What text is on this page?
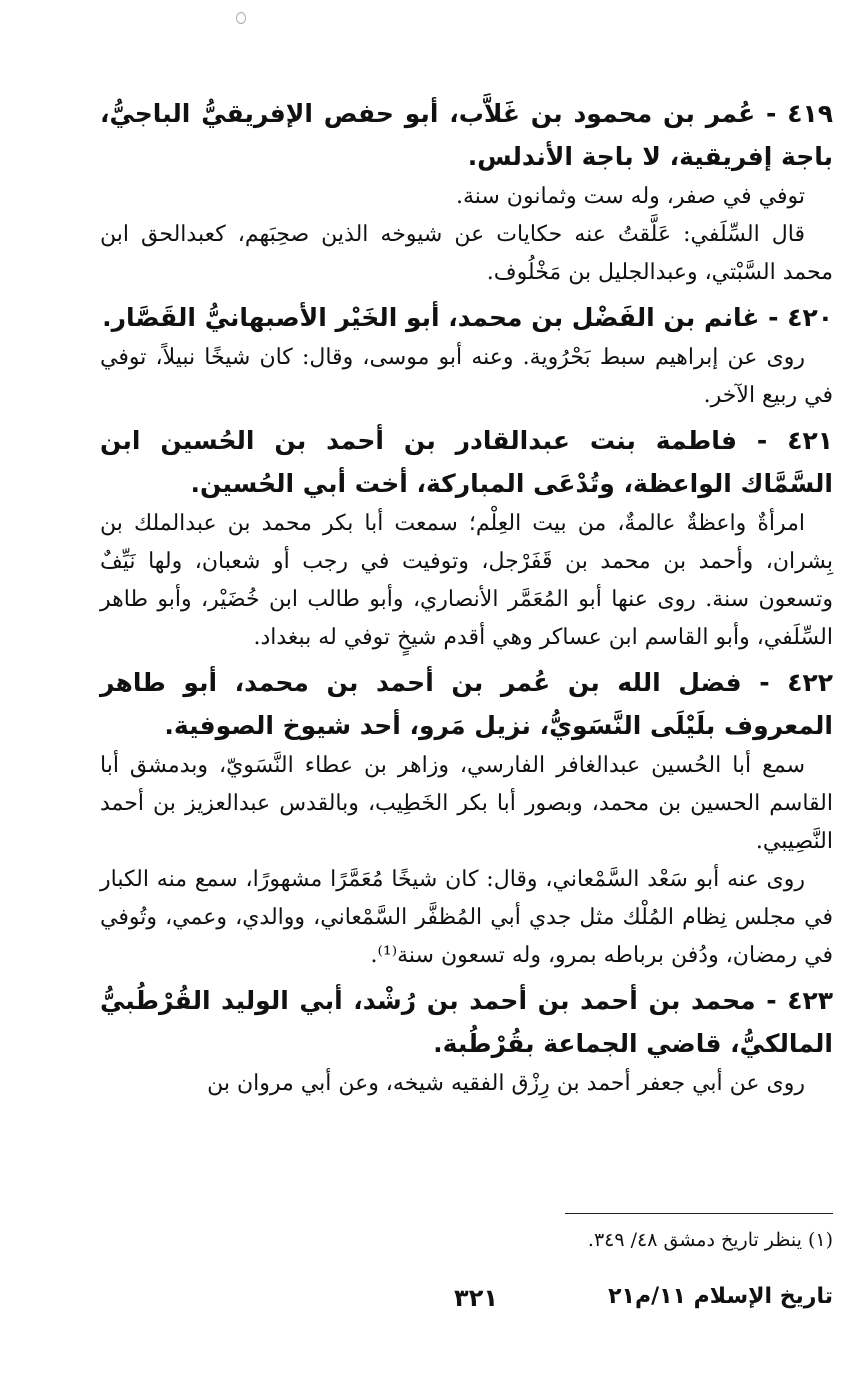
٤١٩ - عُمر بن محمود بن غَلاَّب، أبو حفص الإفريقيُّ الباجيُّ، باجة إفريقية، لا باجة الأندلس.

توفي في صفر، وله ست وثمانون سنة.
قال السِّلَفي: عَلَّقتُ عنه حكايات عن شيوخه الذين صحِبَهم، كعبدالحق ابن محمد السَّبْتي، وعبدالجليل بن مَخْلُوف.

٤٢٠ - غانم بن الفَضْل بن محمد، أبو الخَيْر الأصبهانيُّ القَصَّار.

روى عن إبراهيم سبط بَحْرُوية. وعنه أبو موسى، وقال: كان شيخًا نبيلاً، توفي في ربيع الآخر.

٤٢١ - فاطمة بنت عبدالقادر بن أحمد بن الحُسين ابن السَّمَّاك الواعظة، وتُدْعَى المباركة، أخت أبي الحُسين.

امرأةٌ واعظةٌ عالمةٌ، من بيت العِلْم؛ سمعت أبا بكر محمد بن عبدالملك بن بِشران، وأحمد بن محمد بن قَفَرْجل، وتوفيت في رجب أو شعبان، ولها نَيِّفٌ وتسعون سنة. روى عنها أبو المُعَمَّر الأنصاري، وأبو طالب ابن خُضَيْر، وأبو طاهر السِّلَفي، وأبو القاسم ابن عساكر وهي أقدم شيخٍ توفي له ببغداد.

٤٢٢ - فضل الله بن عُمر بن أحمد بن محمد، أبو طاهر المعروف بلَيْلَى النَّسَويُّ، نزيل مَرو، أحد شيوخ الصوفية.

سمع أبا الحُسين عبدالغافر الفارسي، وزاهر بن عطاء النَّسَويّ، وبدمشق أبا القاسم الحسين بن محمد، وبصور أبا بكر الخَطِيب، وبالقدس عبدالعزيز بن أحمد النَّصِيبي.
روى عنه أبو سَعْد السَّمْعاني، وقال: كان شيخًا مُعَمَّرًا مشهورًا، سمع منه الكبار في مجلس نِظام المُلْك مثل جدي أبي المُظفَّر السَّمْعاني، ووالدي، وعمي، وتُوفي في رمضان، ودُفن برباطه بمرو، وله تسعون سنة⁽¹⁾.

٤٢٣ - محمد بن أحمد بن أحمد بن رُشْد، أبي الوليد القُرْطُبيُّ المالكيُّ، قاضي الجماعة بقُرْطُبة.

روى عن أبي جعفر أحمد بن رِزْق الفقيه شيخه، وعن أبي مروان بن
(١) ينظر تاريخ دمشق ٤٨/ ٣٤٩.
تاريخ الإسلام ١١/م٢١
٣٢١
